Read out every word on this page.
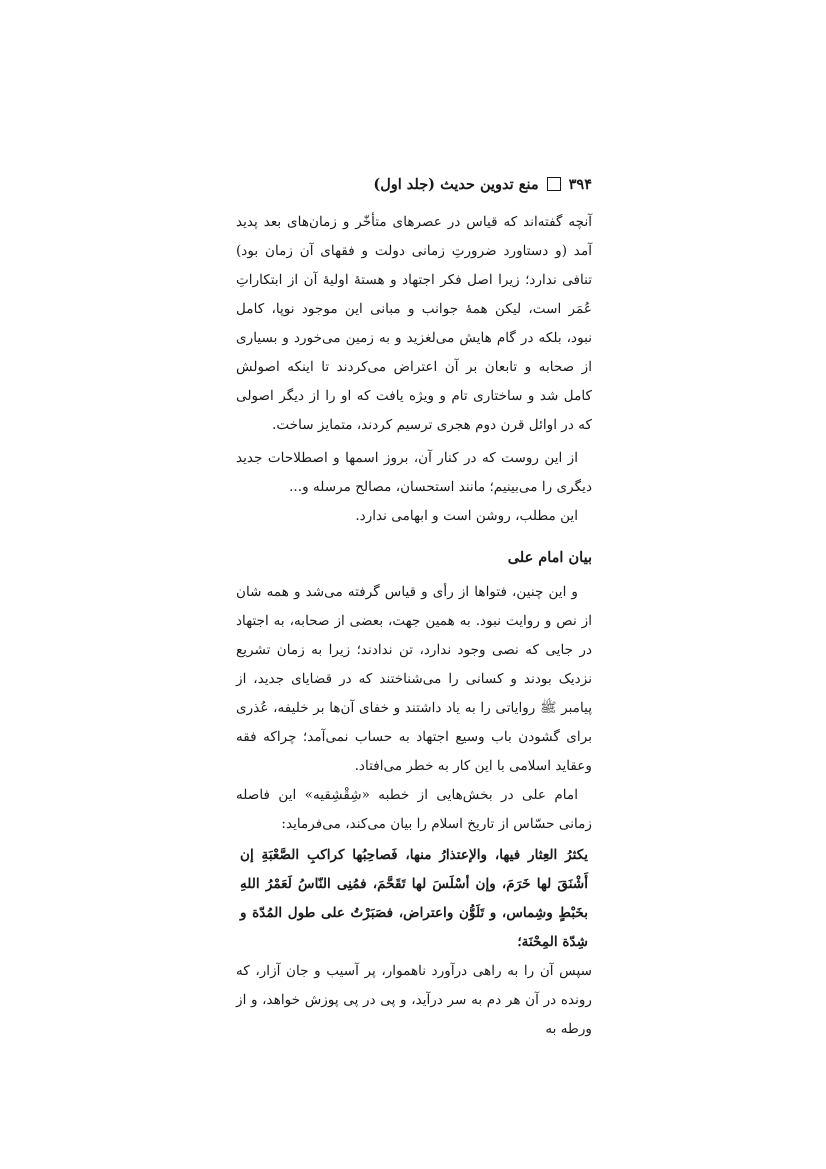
۳۹۴
منع تدوین حدیث (جلد اول)

آنچه گفته‌اند که قیاس در عصرهای متأخّر و زمان‌های بعد پدید آمد (و دستاورد ضرورتِ زمانی دولت و فقهای آن زمان بود) تنافی ندارد؛ زیرا اصل فکر اجتهاد و هستهٔ اولیهٔ آن از ابتکاراتِ عُمَر است، لیکن همهٔ جوانب و مبانی این موجود نوپا، کامل نبود، بلکه در گام هایش می‌لغزید و به زمین می‌خورد و بسیاری از صحابه و تابعان بر آن اعتراض می‌کردند تا اینکه اصولش کامل شد و ساختاری تام و ویژه یافت که او را از دیگر اصولی که در اوائل قرن دوم هجری ترسیم کردند، متمایز ساخت.

از این روست که در کنار آن، بروز اسمها و اصطلاحات جدید دیگری را می‌بینیم؛ مانند استحسان، مصالح مرسله و...

این مطلب، روشن است و ابهامی ندارد.

بیان امام علی

و این چنین، فتواها از رأی و قیاس گرفته می‌شد و همه شان از نص و روایت نبود. به همین جهت، بعضی از صحابه، به اجتهاد در جایی که نصی وجود ندارد، تن ندادند؛ زیرا به زمان تشریع نزدیک بودند و کسانی را می‌شناختند که در قضایای جدید، از پیامبر ﷺ روایاتی را به یاد داشتند و خفای آن‌ها بر خلیفه، عُذری برای گشودن باب وسیع اجتهاد به حساب نمی‌آمد؛ چراکه فقه وعقاید اسلامی با این کار به خطر می‌افتاد.

امام علی در بخش‌هایی از خطبه «شِقْشِقیه» این فاصله زمانی حسّاس از تاریخ اسلام را بیان می‌کند، می‌فرماید:

یکثرُ العِثار فیها، والإعتذارُ منها، فَصاحِبُها کراکبِ الصَّعْبَةِ إن أَشْنَقَ لها خَرَمَ، وإن أسْلَسَ لها تَقَحَّمَ، فمُنِی النّاسُ لَعَمْرُ اللهِ بخَبْطٍ وشِماس، و تَلَوُّن واعتراض، فصَبَرْتُ على طول المُدّة و شِدّة المِحْنَة؛

سپس آن را به راهی درآورد ناهموار، پر آسیب و جان آزار، که رونده در آن هر دم به سر درآید، و پی در پی پوزش خواهد، و از ورطه به
